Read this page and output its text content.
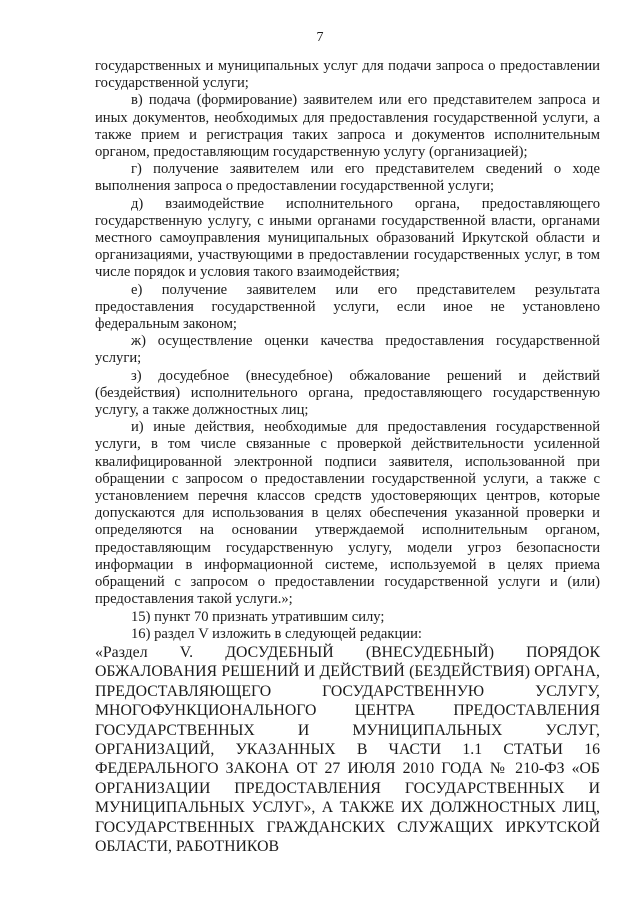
7

государственных и муниципальных услуг для подачи запроса о предоставлении государственной услуги;

в) подача (формирование) заявителем или его представителем запроса и иных документов, необходимых для предоставления государственной услуги, а также прием и регистрация таких запроса и документов исполнительным органом, предоставляющим государственную услугу (организацией);

г) получение заявителем или его представителем сведений о ходе выполнения запроса о предоставлении государственной услуги;

д) взаимодействие исполнительного органа, предоставляющего государственную услугу, с иными органами государственной власти, органами местного самоуправления муниципальных образований Иркутской области и организациями, участвующими в предоставлении государственных услуг, в том числе порядок и условия такого взаимодействия;

е) получение заявителем или его представителем результата предоставления государственной услуги, если иное не установлено федеральным законом;

ж) осуществление оценки качества предоставления государственной услуги;

з) досудебное (внесудебное) обжалование решений и действий (бездействия) исполнительного органа, предоставляющего государственную услугу, а также должностных лиц;

и) иные действия, необходимые для предоставления государственной услуги, в том числе связанные с проверкой действительности усиленной квалифицированной электронной подписи заявителя, использованной при обращении с запросом о предоставлении государственной услуги, а также с установлением перечня классов средств удостоверяющих центров, которые допускаются для использования в целях обеспечения указанной проверки и определяются на основании утверждаемой исполнительным органом, предоставляющим государственную услугу, модели угроз безопасности информации в информационной системе, используемой в целях приема обращений с запросом о предоставлении государственной услуги и (или) предоставления такой услуги.»;

15) пункт 70 признать утратившим силу;

16) раздел V изложить в следующей редакции:

«Раздел V. ДОСУДЕБНЫЙ (ВНЕСУДЕБНЫЙ) ПОРЯДОК ОБЖАЛОВАНИЯ РЕШЕНИЙ И ДЕЙСТВИЙ (БЕЗДЕЙСТВИЯ) ОРГАНА, ПРЕДОСТАВЛЯЮЩЕГО ГОСУДАРСТВЕННУЮ УСЛУГУ, МНОГОФУНКЦИОНАЛЬНОГО ЦЕНТРА ПРЕДОСТАВЛЕНИЯ ГОСУДАРСТВЕННЫХ И МУНИЦИПАЛЬНЫХ УСЛУГ, ОРГАНИЗАЦИЙ, УКАЗАННЫХ В ЧАСТИ 1.1 СТАТЬИ 16 ФЕДЕРАЛЬНОГО ЗАКОНА ОТ 27 ИЮЛЯ 2010 ГОДА № 210-ФЗ «ОБ ОРГАНИЗАЦИИ ПРЕДОСТАВЛЕНИЯ ГОСУДАРСТВЕННЫХ И МУНИЦИПАЛЬНЫХ УСЛУГ», А ТАКЖЕ ИХ ДОЛЖНОСТНЫХ ЛИЦ, ГОСУДАРСТВЕННЫХ ГРАЖДАНСКИХ СЛУЖАЩИХ ИРКУТСКОЙ ОБЛАСТИ, РАБОТНИКОВ
